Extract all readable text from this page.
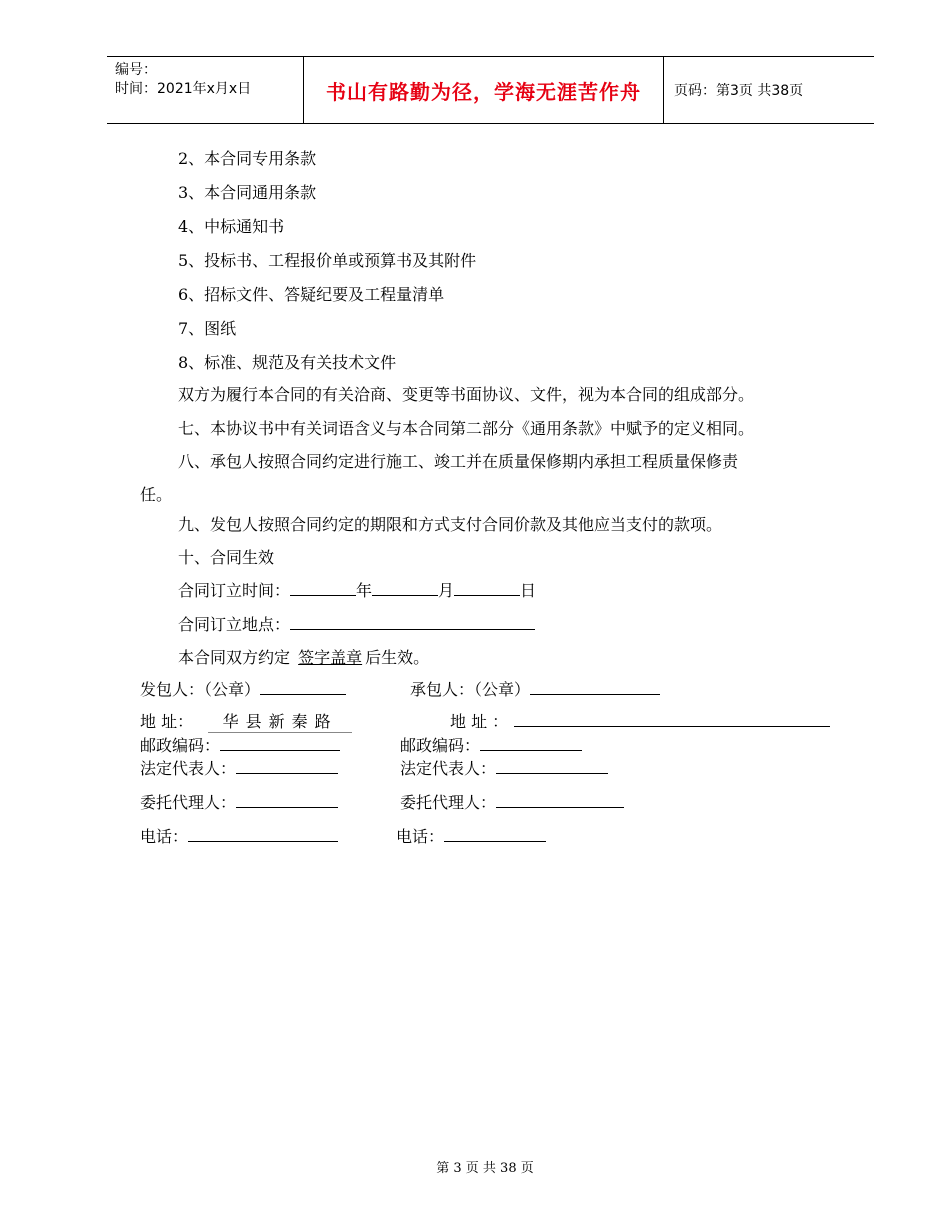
编号：
时间：2021年x月x日	书山有路勤为径，学海无涯苦作舟 页码：第3页 共38页
2、本合同专用条款
3、本合同通用条款
4、中标通知书
5、投标书、工程报价单或预算书及其附件
6、招标文件、答疑纪要及工程量清单
7、图纸
8、标准、规范及有关技术文件
双方为履行本合同的有关洽商、变更等书面协议、文件，视为本合同的组成部分。
七、本协议书中有关词语含义与本合同第二部分《通用条款》中赋予的定义相同。
八、承包人按照合同约定进行施工、竣工并在质量保修期内承担工程质量保修责
任。
九、发包人按照合同约定的期限和方式支付合同价款及其他应当支付的款项。
十、合同生效
合同订立时间：	年	月	日
合同订立地点：
本合同双方约定 签字盖章 后生效。
发包人：（公章）	承包人：（公章）
地 址： 华县新秦路	地 址 ：
邮政编码：	邮政编码：
法定代表人：	法定代表人：
委托代理人：	委托代理人：
电话：	电话：
第 3 页 共 38 页
